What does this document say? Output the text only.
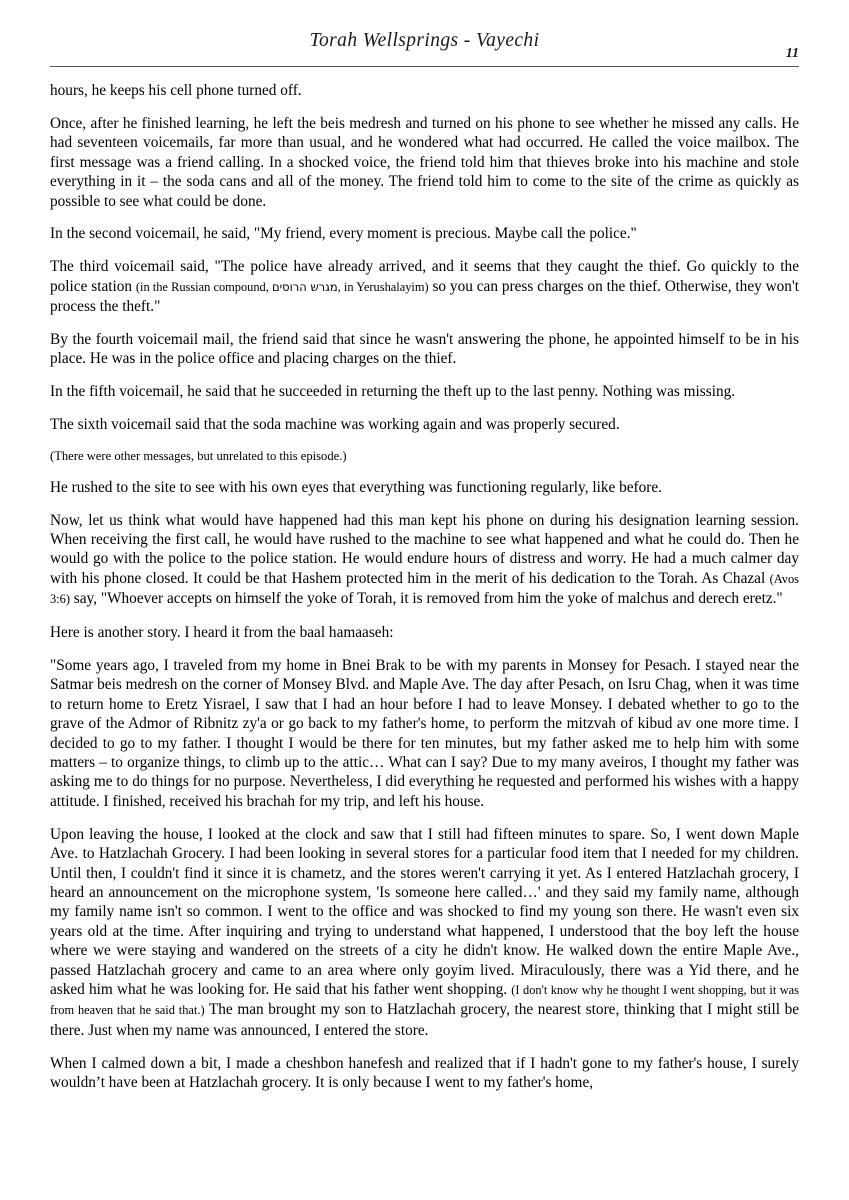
Torah Wellsprings - Vayechi
11

hours, he keeps his cell phone turned off.

Once, after he finished learning, he left the beis medresh and turned on his phone to see whether he missed any calls. He had seventeen voicemails, far more than usual, and he wondered what had occurred. He called the voice mailbox. The first message was a friend calling. In a shocked voice, the friend told him that thieves broke into his machine and stole everything in it – the soda cans and all of the money. The friend told him to come to the site of the crime as quickly as possible to see what could be done.

In the second voicemail, he said, "My friend, every moment is precious. Maybe call the police."

The third voicemail said, "The police have already arrived, and it seems that they caught the thief. Go quickly to the police station (in the Russian compound, מגרש הרוסים, in Yerushalayim) so you can press charges on the thief. Otherwise, they won't process the theft."

By the fourth voicemail mail, the friend said that since he wasn't answering the phone, he appointed himself to be in his place. He was in the police office and placing charges on the thief.

In the fifth voicemail, he said that he succeeded in returning the theft up to the last penny. Nothing was missing.

The sixth voicemail said that the soda machine was working again and was properly secured.

(There were other messages, but unrelated to this episode.)

He rushed to the site to see with his own eyes that everything was functioning regularly, like before.

Now, let us think what would have happened had this man kept his phone on during his designation learning session. When receiving the first call, he would have rushed to the machine to see what happened and what he could do. Then he would go with the police to the police station. He would endure hours of distress and worry. He had a much calmer day with his phone closed. It could be that Hashem protected him in the merit of his dedication to the Torah. As Chazal (Avos 3:6) say, "Whoever accepts on himself the yoke of Torah, it is removed from him the yoke of malchus and derech eretz."

Here is another story. I heard it from the baal hamaaseh:

"Some years ago, I traveled from my home in Bnei Brak to be with my parents in Monsey for Pesach. I stayed near the Satmar beis medresh on the corner of Monsey Blvd. and Maple Ave. The day after Pesach, on Isru Chag, when it was time to return home to Eretz Yisrael, I saw that I had an hour before I had to leave Monsey. I debated whether to go to the grave of the Admor of Ribnitz zy'a or go back to my father's home, to perform the mitzvah of kibud av one more time. I decided to go to my father. I thought I would be there for ten minutes, but my father asked me to help him with some matters – to organize things, to climb up to the attic… What can I say? Due to my many aveiros, I thought my father was asking me to do things for no purpose. Nevertheless, I did everything he requested and performed his wishes with a happy attitude. I finished, received his brachah for my trip, and left his house.

Upon leaving the house, I looked at the clock and saw that I still had fifteen minutes to spare. So, I went down Maple Ave. to Hatzlachah Grocery. I had been looking in several stores for a particular food item that I needed for my children. Until then, I couldn't find it since it is chametz, and the stores weren't carrying it yet. As I entered Hatzlachah grocery, I heard an announcement on the microphone system, 'Is someone here called…' and they said my family name, although my family name isn't so common. I went to the office and was shocked to find my young son there. He wasn't even six years old at the time. After inquiring and trying to understand what happened, I understood that the boy left the house where we were staying and wandered on the streets of a city he didn't know. He walked down the entire Maple Ave., passed Hatzlachah grocery and came to an area where only goyim lived. Miraculously, there was a Yid there, and he asked him what he was looking for. He said that his father went shopping. (I don't know why he thought I went shopping, but it was from heaven that he said that.) The man brought my son to Hatzlachah grocery, the nearest store, thinking that I might still be there. Just when my name was announced, I entered the store.

When I calmed down a bit, I made a cheshbon hanefesh and realized that if I hadn't gone to my father's house, I surely wouldn’t have been at Hatzlachah grocery. It is only because I went to my father's home,
